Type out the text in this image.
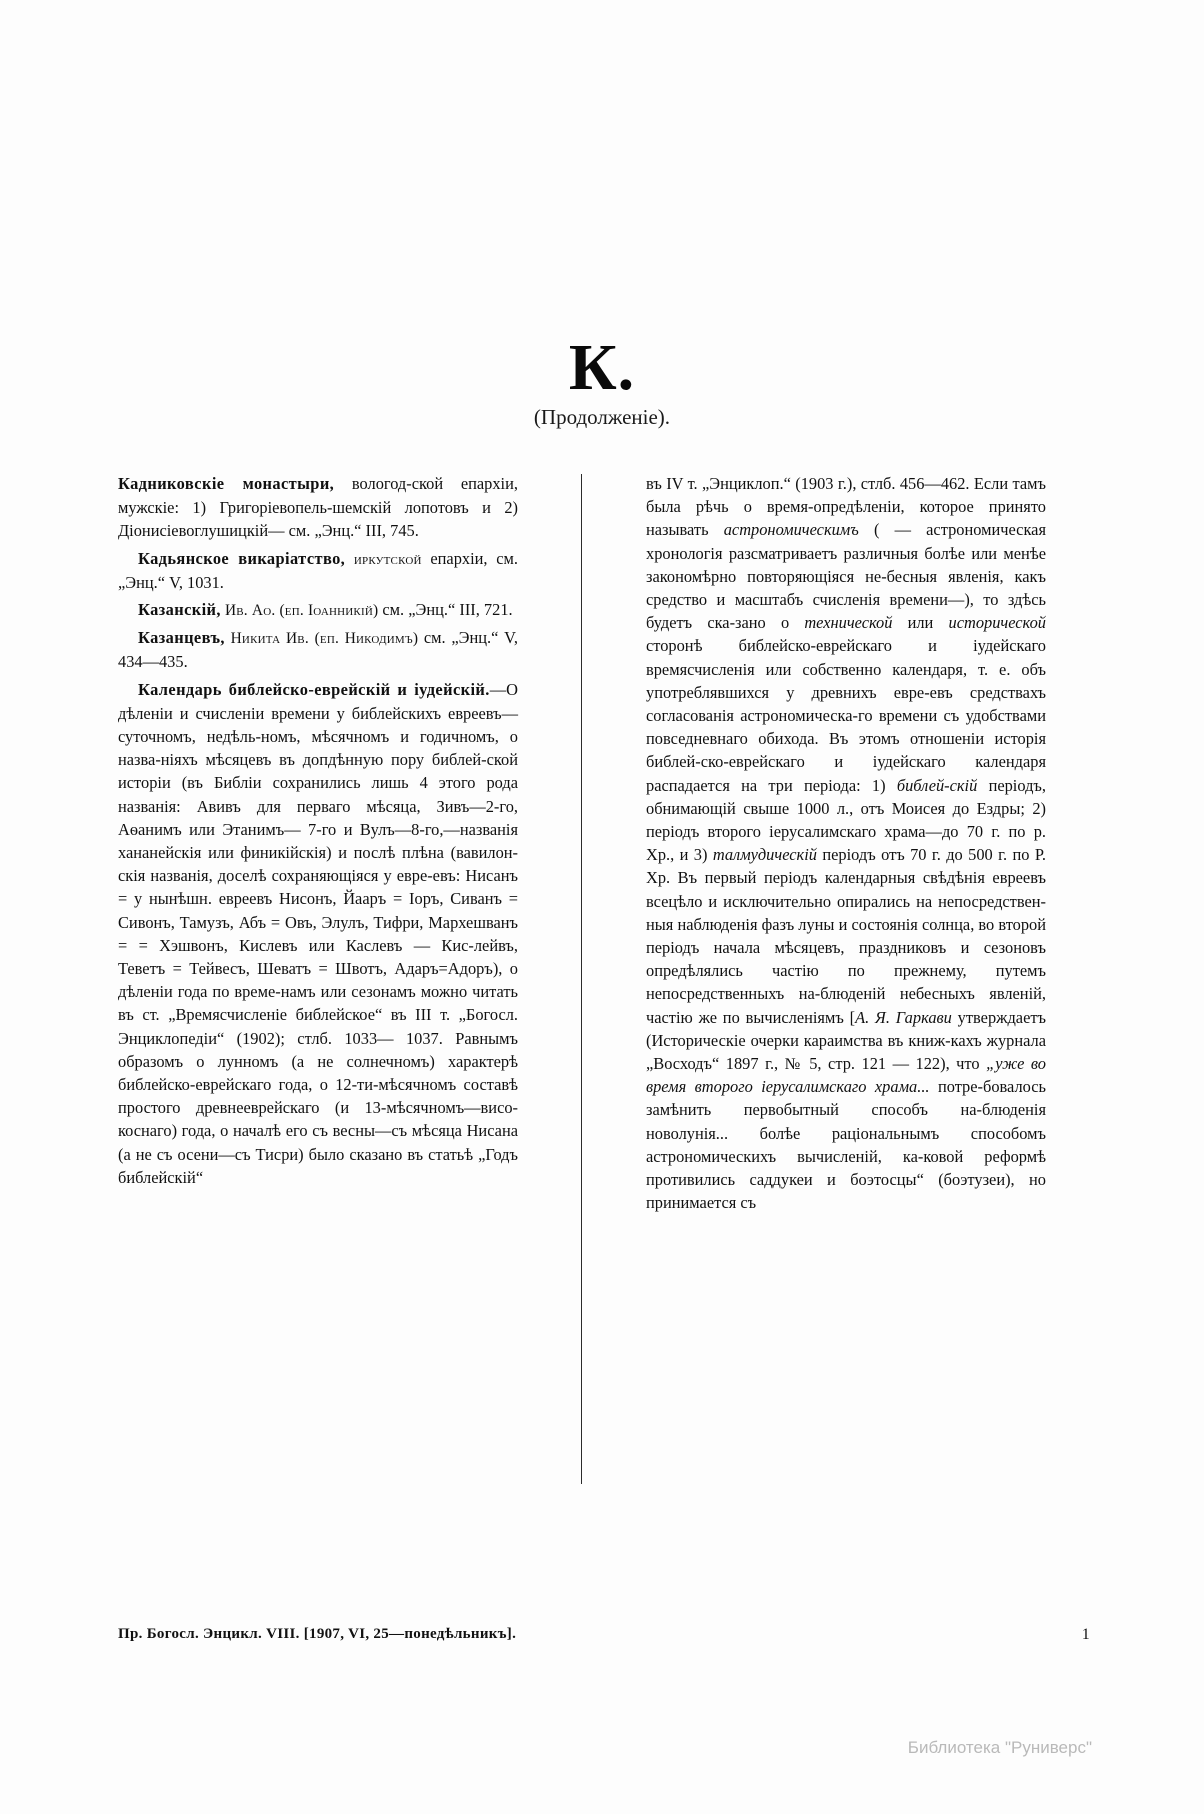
К.
(Продолженіе).

Кадниковскіе монастыри, вологод-ской епархіи, мужскіе: 1) Григоріевопель-шемскій лопотовъ и 2) Діонисіевоглушицкій— см. „Энц.“ III, 745.

Кадьянское викаріатство, иркутской епархіи, см. „Энц.“ V, 1031.

Казанскій, Ив. Ао. (еп. Іоанникій) см. „Энц.“ III, 721.

Казанцевъ, Никита Ив. (еп. Никодимъ) см. „Энц.“ V, 434—435.

Календарь библейско-еврейскій и іудейскій.—О дѣленіи и счисленіи времени у библейскихъ евреевъ—суточномъ, недѣль-номъ, мѣсячномъ и годичномъ, о назва-ніяхъ мѣсяцевъ въ допдѣнную пору библей-ской исторіи (въ Библіи сохранились лишь 4 этого рода названія: Авивъ для перваго мѣсяца, Зивъ—2-го, Аѳанимъ или Этанимъ— 7-го и Вулъ—8-го,—названія хананейскія или финикійскія) и послѣ плѣна (вавилон-скія названія, доселѣ сохраняющіяся у евре-евъ: Нисанъ = у нынѣшн. евреевъ Нисонъ, Йааръ = Іоръ, Сиванъ = Сивонъ, Тамузъ, Абъ = Овъ, Элулъ, Тифри, Мархешванъ = = Хэшвонъ, Кислевъ или Каслевъ — Кис-лейвъ, Теветъ = Тейвесъ, Шеватъ = Швотъ, Адаръ=Адоръ), о дѣленіи года по време-намъ или сезонамъ можно читать въ ст. „Времясчисленіе библейское“ въ III т. „Богосл. Энциклопедіи“ (1902); стлб. 1033— 1037. Равнымъ образомъ о лунномъ (а не солнечномъ) характерѣ библейско-еврейскаго года, о 12-ти-мѣсячномъ составѣ простого древнееврейскаго (и 13-мѣсячномъ—висо-коснаго) года, о началѣ его съ весны—съ мѣсяца Нисана (а не съ осени—съ Тисри) было сказано въ статьѣ „Годъ библейскій“

въ IV т. „Энциклоп.“ (1903 г.), стлб. 456—462. Если тамъ была рѣчь о время-опредѣленіи, которое принято называть астрономическимъ ( — астрономическая хронологія разсматриваетъ различныя болѣе или менѣе закономѣрно повторяющіяся не-бесныя явленія, какъ средство и масштабъ счисленія времени—), то здѣсь будетъ ска-зано о технической или исторической сторонѣ библейско-еврейскаго и іудейскаго времясчисленія или собственно календаря, т. е. объ употреблявшихся у древнихъ евре-евъ средствахъ согласованія астрономическа-го времени съ удобствами повседневнаго обихода. Въ этомъ отношеніи исторія библей-ско-еврейскаго и іудейскаго календаря распадается на три періода: 1) библей-скій періодъ, обнимающій свыше 1000 л., отъ Моисея до Ездры; 2) періодъ второго іерусалимскаго храма—до 70 г. по р. Хр., и 3) талмудическій періодъ отъ 70 г. до 500 г. по Р. Хр. Въ первый періодъ календарныя свѣдѣнія евреевъ всецѣло и исключительно опирались на непосредствен-ныя наблюденія фазъ луны и состоянія солнца, во второй періодъ начала мѣсяцевъ, праздниковъ и сезоновъ опредѣлялись частію по прежнему, путемъ непосредственныхъ на-блюденій небесныхъ явленій, частію же по вычисленіямъ [А. Я. Гаркави утверждаетъ (Историческіе очерки караимства въ книж-кахъ журнала „Восходъ“ 1897 г., № 5, стр. 121 — 122), что „уже во время второго іерусалимскаго храма... потре-бовалось замѣнить первобытный способъ на-блюденія новолунія... болѣе раціональнымъ способомъ астрономическихъ вычисленій, ка-ковой реформѣ противились саддукеи и боэтосцы“ (боэтузеи), но принимается съ

1
Пр. Богосл. Энцикл. VIII. [1907, VI, 25—понедѣльникъ].
Библиотека "Руниверс"
